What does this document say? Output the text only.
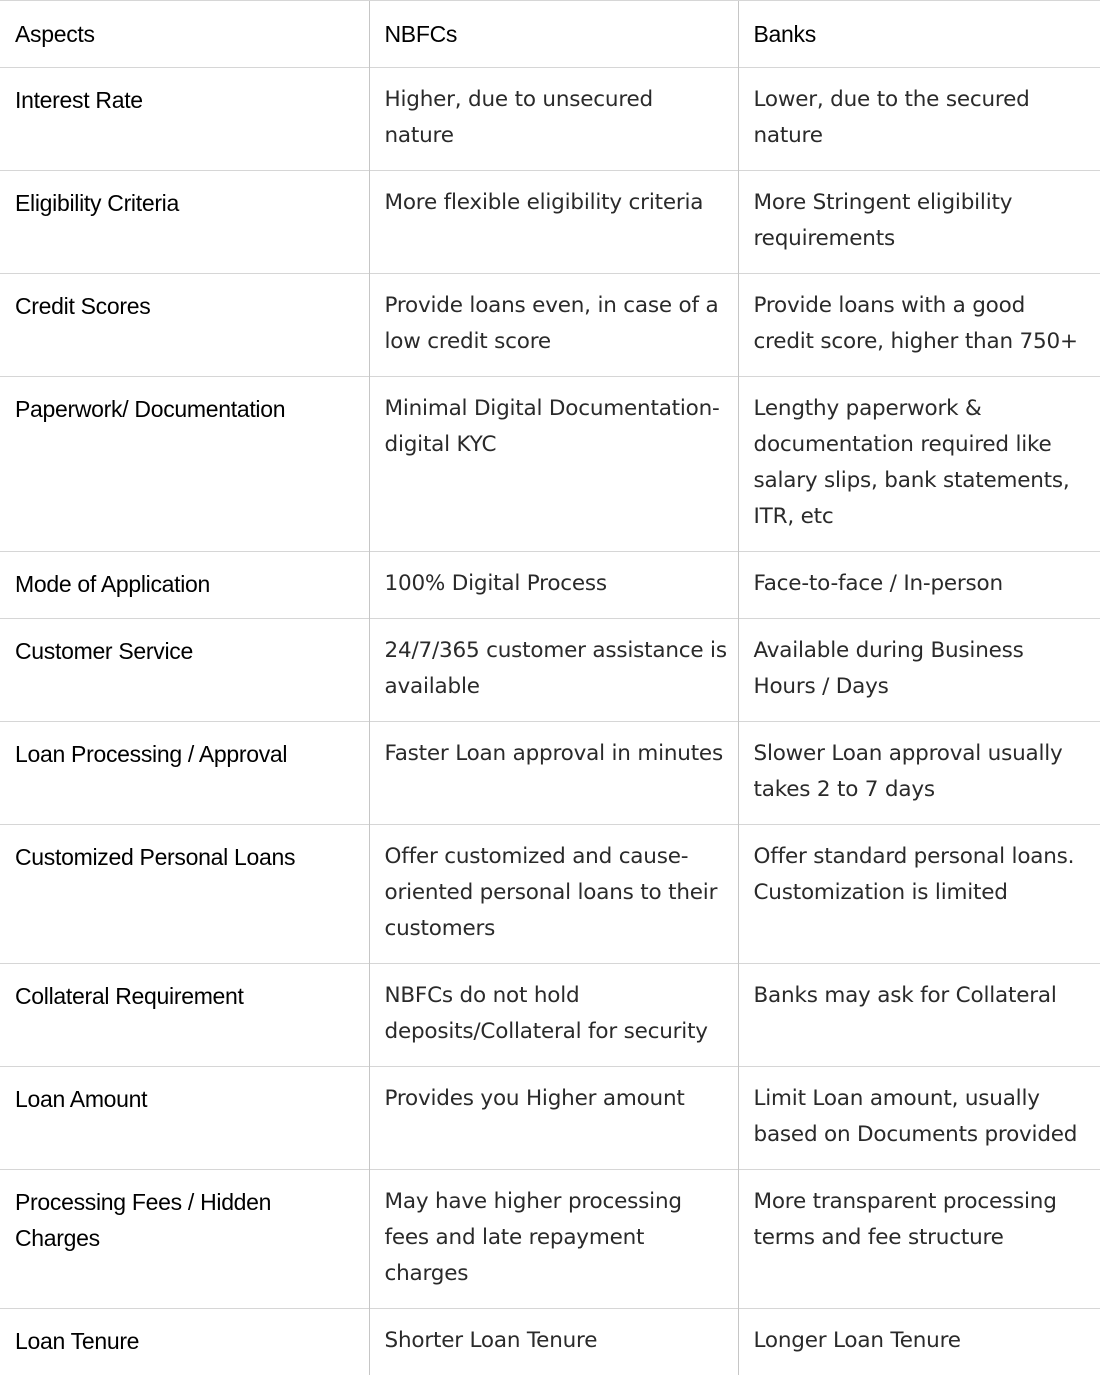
Aspects	NBFCs	Banks
Interest Rate	Higher, due to unsecured nature	Lower, due to the secured nature
Eligibility Criteria	More flexible eligibility criteria	More Stringent eligibility requirements
Credit Scores	Provide loans even, in case of a low credit score	Provide loans with a good credit score, higher than 750+
Paperwork/ Documentation	Minimal Digital Documentation- digital KYC	Lengthy paperwork & documentation required like salary slips, bank statements, ITR, etc
Mode of Application	100% Digital Process	Face-to-face / In-person
Customer Service	24/7/365 customer assistance is available	Available during Business Hours / Days
Loan Processing / Approval	Faster Loan approval in minutes	Slower Loan approval usually takes 2 to 7 days
Customized Personal Loans	Offer customized and cause-oriented personal loans to their customers	Offer standard personal loans. Customization is limited
Collateral Requirement	NBFCs do not hold deposits/Collateral for security	Banks may ask for Collateral
Loan Amount	Provides you Higher amount	Limit Loan amount, usually based on Documents provided
Processing Fees / Hidden Charges	May have higher processing fees and late repayment charges	More transparent processing terms and fee structure
Loan Tenure	Shorter Loan Tenure	Longer Loan Tenure
